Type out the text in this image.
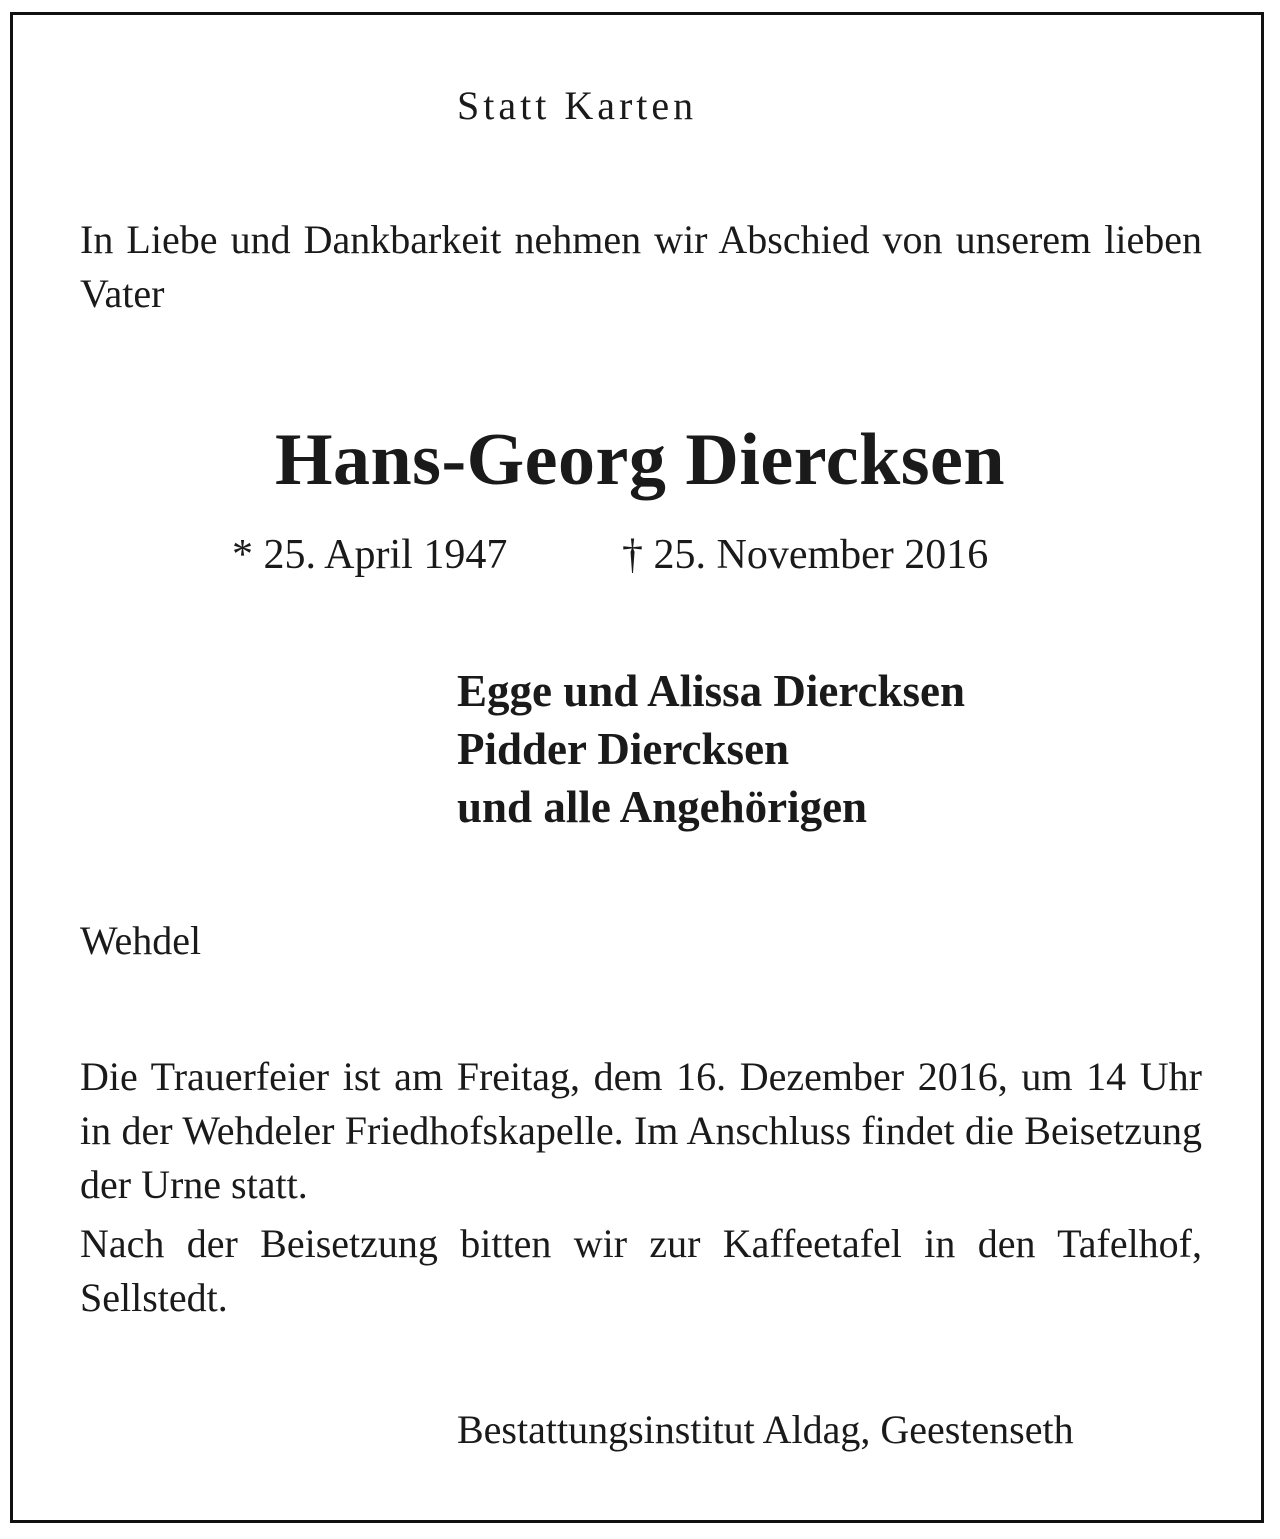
Statt Karten

In Liebe und Dankbarkeit nehmen wir Abschied von unserem lieben Vater

Hans-Georg Diercksen

* 25. April 1947	† 25. November 2016

Egge und Alissa Diercksen
Pidder Diercksen
und alle Angehörigen

Wehdel

Die Trauerfeier ist am Freitag, dem 16. Dezember 2016, um 14 Uhr in der Wehdeler Friedhofskapelle. Im Anschluss findet die Beisetzung der Urne statt.

Nach der Beisetzung bitten wir zur Kaffeetafel in den Tafelhof, Sellstedt.

Bestattungsinstitut Aldag, Geestenseth
